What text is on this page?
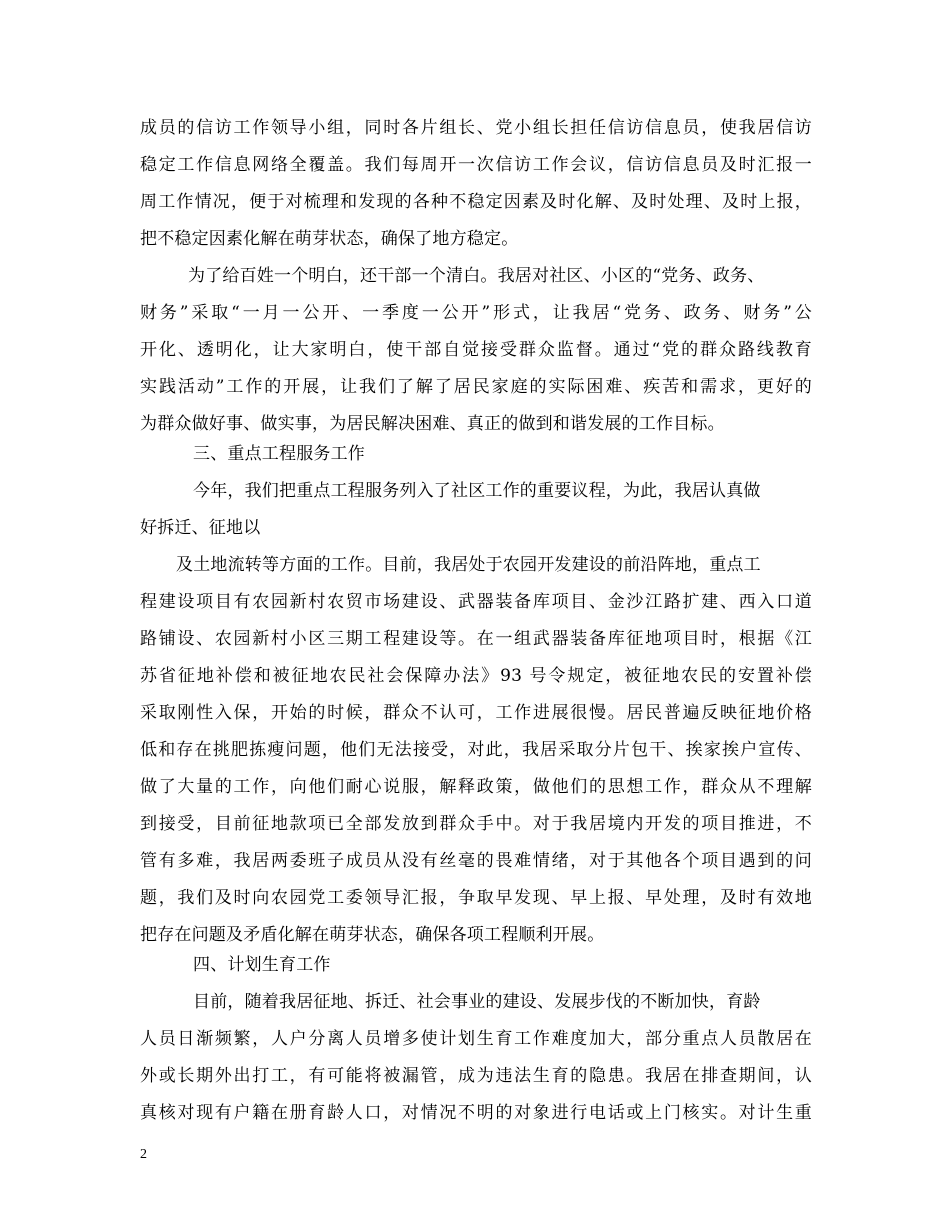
成员的信访工作领导小组，同时各片组长、党小组长担任信访信息员，使我居信访
稳定工作信息网络全覆盖。我们每周开一次信访工作会议，信访信息员及时汇报一
周工作情况，便于对梳理和发现的各种不稳定因素及时化解、及时处理、及时上报，
把不稳定因素化解在萌芽状态，确保了地方稳定。
为了给百姓一个明白，还干部一个清白。我居对社区、小区的“党务、政务、
财务”采取“一月一公开、一季度一公开”形式，让我居“党务、政务、财务”公
开化、透明化，让大家明白，使干部自觉接受群众监督。通过“党的群众路线教育
实践活动”工作的开展，让我们了解了居民家庭的实际困难、疾苦和需求，更好的
为群众做好事、做实事，为居民解决困难、真正的做到和谐发展的工作目标。
三、重点工程服务工作
今年，我们把重点工程服务列入了社区工作的重要议程，为此，我居认真做
好拆迁、征地以
及土地流转等方面的工作。目前，我居处于农园开发建设的前沿阵地，重点工
程建设项目有农园新村农贸市场建设、武器装备库项目、金沙江路扩建、西入口道
路铺设、农园新村小区三期工程建设等。在一组武器装备库征地项目时，根据《江
苏省征地补偿和被征地农民社会保障办法》93 号令规定，被征地农民的安置补偿
采取刚性入保，开始的时候，群众不认可，工作进展很慢。居民普遍反映征地价格
低和存在挑肥拣瘦问题，他们无法接受，对此，我居采取分片包干、挨家挨户宣传、
做了大量的工作，向他们耐心说服，解释政策，做他们的思想工作，群众从不理解
到接受，目前征地款项已全部发放到群众手中。对于我居境内开发的项目推进，不
管有多难，我居两委班子成员从没有丝毫的畏难情绪，对于其他各个项目遇到的问
题，我们及时向农园党工委领导汇报，争取早发现、早上报、早处理，及时有效地
把存在问题及矛盾化解在萌芽状态，确保各项工程顺利开展。
四、计划生育工作
目前，随着我居征地、拆迁、社会事业的建设、发展步伐的不断加快，育龄
人员日渐频繁，人户分离人员增多使计划生育工作难度加大，部分重点人员散居在
外或长期外出打工，有可能将被漏管，成为违法生育的隐患。我居在排查期间，认
真核对现有户籍在册育龄人口，对情况不明的对象进行电话或上门核实。对计生重
2
